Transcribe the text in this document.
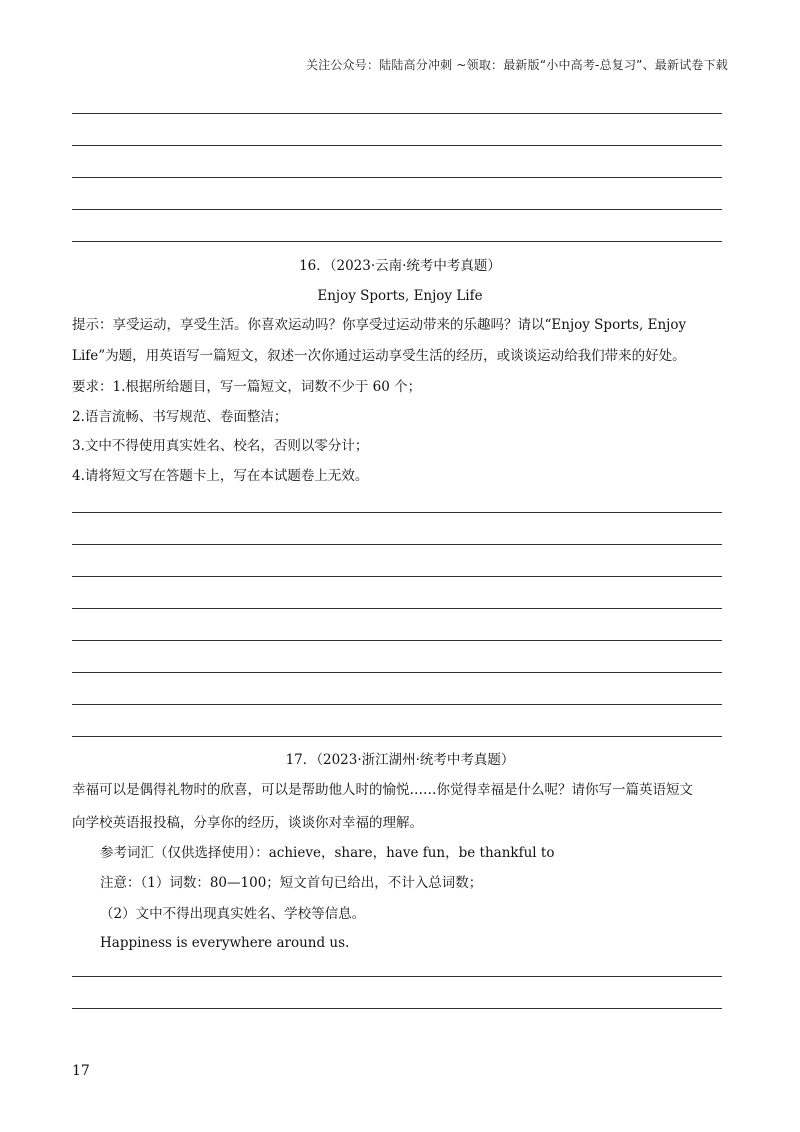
关注公众号：陆陆高分冲刺 ~领取：最新版“小中高考-总复习”、最新试卷下载
16．（2023·云南·统考中考真题）
Enjoy Sports, Enjoy Life
提示：享受运动，享受生活。你喜欢运动吗？你享受过运动带来的乐趣吗？请以“Enjoy Sports, Enjoy
Life”为题，用英语写一篇短文，叙述一次你通过运动享受生活的经历，或谈谈运动给我们带来的好处。
要求：1.根据所给题目，写一篇短文，词数不少于 60 个；
2.语言流畅、书写规范、卷面整洁；
3.文中不得使用真实姓名、校名，否则以零分计；
4.请将短文写在答题卡上，写在本试题卷上无效。
17．（2023·浙江湖州·统考中考真题）
幸福可以是偶得礼物时的欣喜，可以是帮助他人时的愉悦……你觉得幸福是什么呢？请你写一篇英语短文
向学校英语报投稿，分享你的经历，谈谈你对幸福的理解。
参考词汇（仅供选择使用）：achieve，share，have fun，be thankful to
注意：（1）词数：80—100；短文首句已给出，不计入总词数；
（2）文中不得出现真实姓名、学校等信息。
Happiness is everywhere around us.
17
